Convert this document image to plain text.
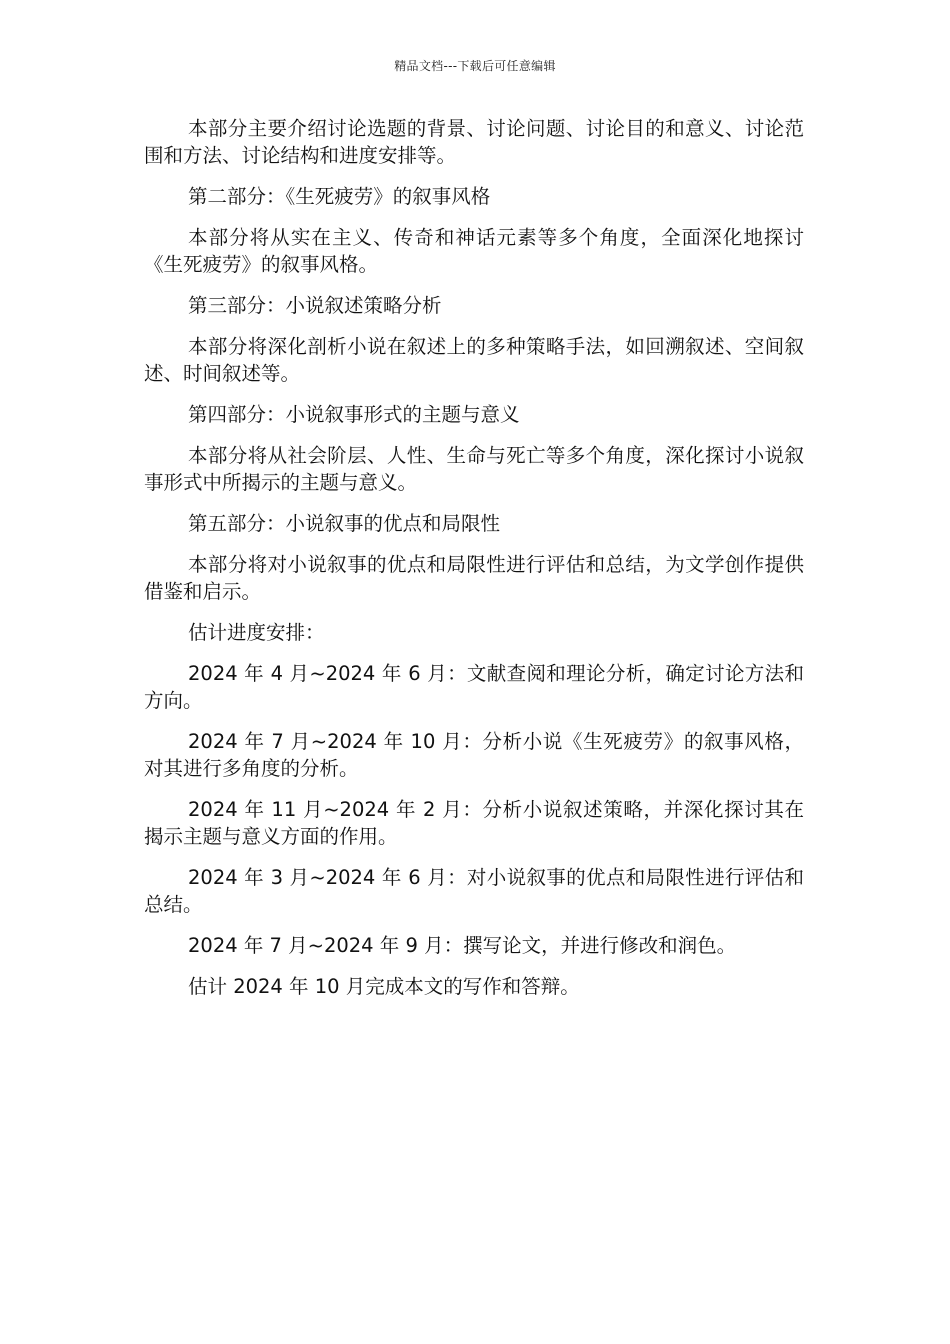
精品文档---下载后可任意编辑

本部分主要介绍讨论选题的背景、讨论问题、讨论目的和意义、讨论范围和方法、讨论结构和进度安排等。

第二部分：《生死疲劳》的叙事风格

本部分将从实在主义、传奇和神话元素等多个角度，全面深化地探讨《生死疲劳》的叙事风格。

第三部分：小说叙述策略分析

本部分将深化剖析小说在叙述上的多种策略手法，如回溯叙述、空间叙述、时间叙述等。

第四部分：小说叙事形式的主题与意义

本部分将从社会阶层、人性、生命与死亡等多个角度，深化探讨小说叙事形式中所揭示的主题与意义。

第五部分：小说叙事的优点和局限性

本部分将对小说叙事的优点和局限性进行评估和总结，为文学创作提供借鉴和启示。

估计进度安排：

2024 年 4 月~2024 年 6 月：文献查阅和理论分析，确定讨论方法和方向。

2024 年 7 月~2024 年 10 月：分析小说《生死疲劳》的叙事风格，对其进行多角度的分析。

2024 年 11 月~2024 年 2 月：分析小说叙述策略，并深化探讨其在揭示主题与意义方面的作用。

2024 年 3 月~2024 年 6 月：对小说叙事的优点和局限性进行评估和总结。

2024 年 7 月~2024 年 9 月：撰写论文，并进行修改和润色。

估计 2024 年 10 月完成本文的写作和答辩。
